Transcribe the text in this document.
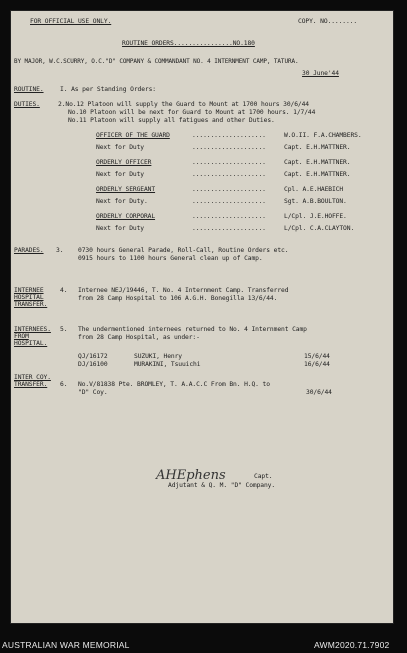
FOR OFFICIAL USE ONLY.	COPY. NO........
ROUTINE ORDERS................NO.180
BY MAJOR, W.C.SCURRY, O.C."D" COMPANY & COMMANDANT NO. 4 INTERNMENT CAMP, TATURA.
30 June'44
ROUTINE.	I. As per Standing Orders:
DUTIES.	2.No.12 Platoon will supply the Guard to Mount at 1700 hours 30/6/44
No.10 Platoon will be next for Guard to Mount at 1700 hours. 1/7/44
No.11 Platoon will supply all fatigues and other Duties.
OFFICER OF THE GUARD	....................	W.O.II. F.A.CHAMBERS.
Next for Duty	....................	Capt. E.H.MATTNER.
ORDERLY OFFICER	....................	Capt. E.H.MATTNER.
Next for Duty	....................	Capt. E.H.MATTNER.
ORDERLY SERGEANT	....................	Cpl. A.E.HAEBICH
Next for Duty.	....................	Sgt. A.B.BOULTON.
ORDERLY CORPORAL	....................	L/Cpl. J.E.HOFFE.
Next for Duty	....................	L/Cpl. C.A.CLAYTON.
PARADES. 3. 0730 hours General Parade, Roll-Call, Routine Orders etc.
0915 hours to 1100 hours General clean up of Camp.
INTERNEE
HOSPITAL
TRANSFER.
4. Internee NEJ/19446, T. No. 4 Internment Camp. Transferred
from 28 Camp Hospital to 106 A.G.H. Bonegilla 13/6/44.
INTERNEES.
FROM
HOSPITAL.
5. The undermentioned internees returned to No. 4 Internment Camp
from 28 Camp Hospital, as under:-
QJ/16172	SUZUKI, Henry	15/6/44
DJ/16100	MURAKINI, Tsuuichi	16/6/44
INTER COY.
TRANSFER. 6. No.V/81838 Pte. BROMLEY, T. A.A.C.C From Bn. H.Q. to
"D" Coy.	30/6/44
AHEphens	Capt.
Adjutant & Q. M. "D" Company.
AUSTRALIAN WAR MEMORIAL	AWM2020.71.7902
